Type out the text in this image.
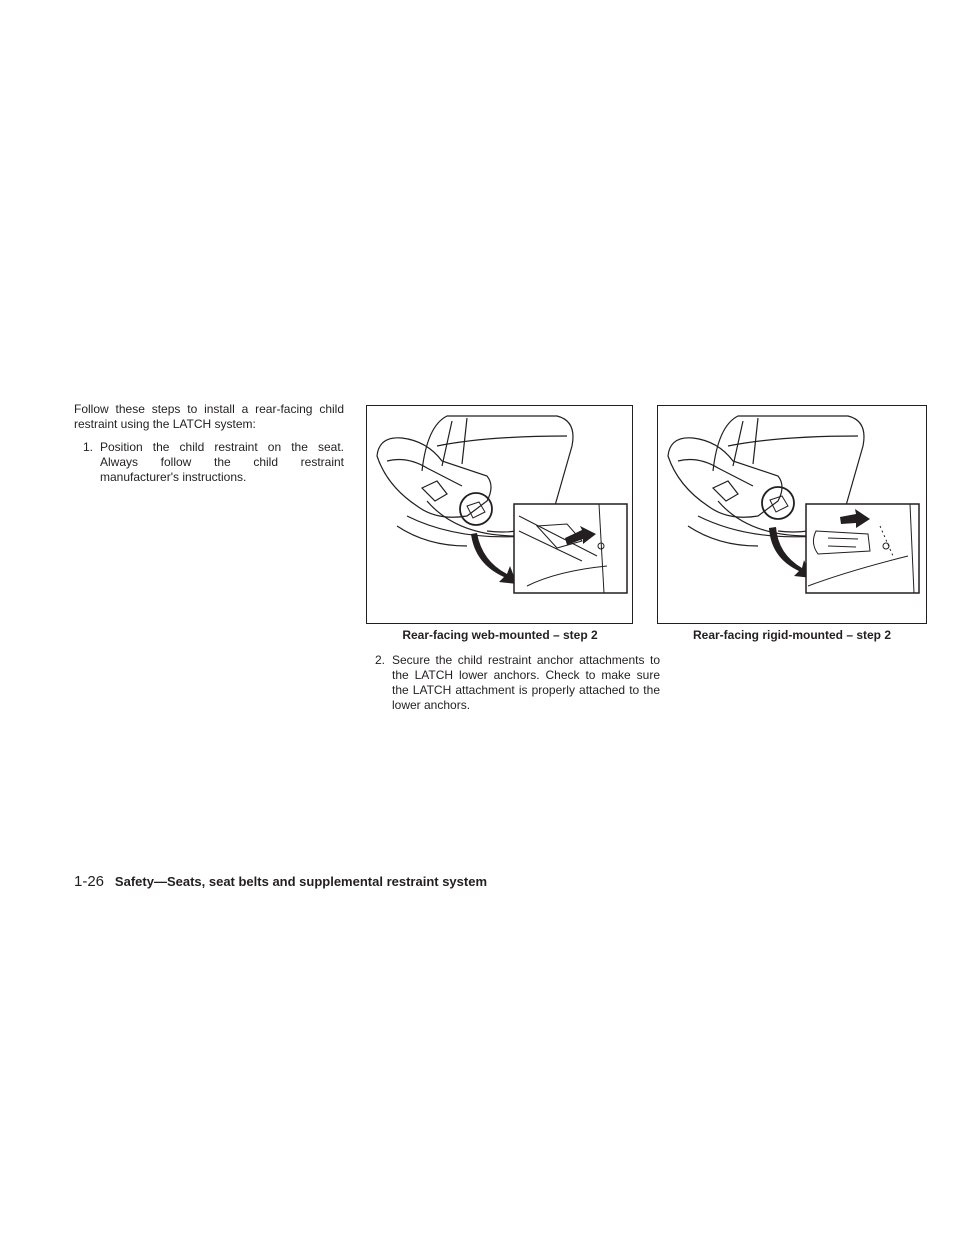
Follow these steps to install a rear-facing child restraint using the LATCH system:

1. Position the child restraint on the seat. Always follow the child restraint manufacturer's instructions.
Rear-facing web-mounted – step 2	Rear-facing rigid-mounted – step 2
2. Secure the child restraint anchor attachments to the LATCH lower anchors. Check to make sure the LATCH attachment is properly attached to the lower anchors.
1-26 Safety—Seats, seat belts and supplemental restraint system
